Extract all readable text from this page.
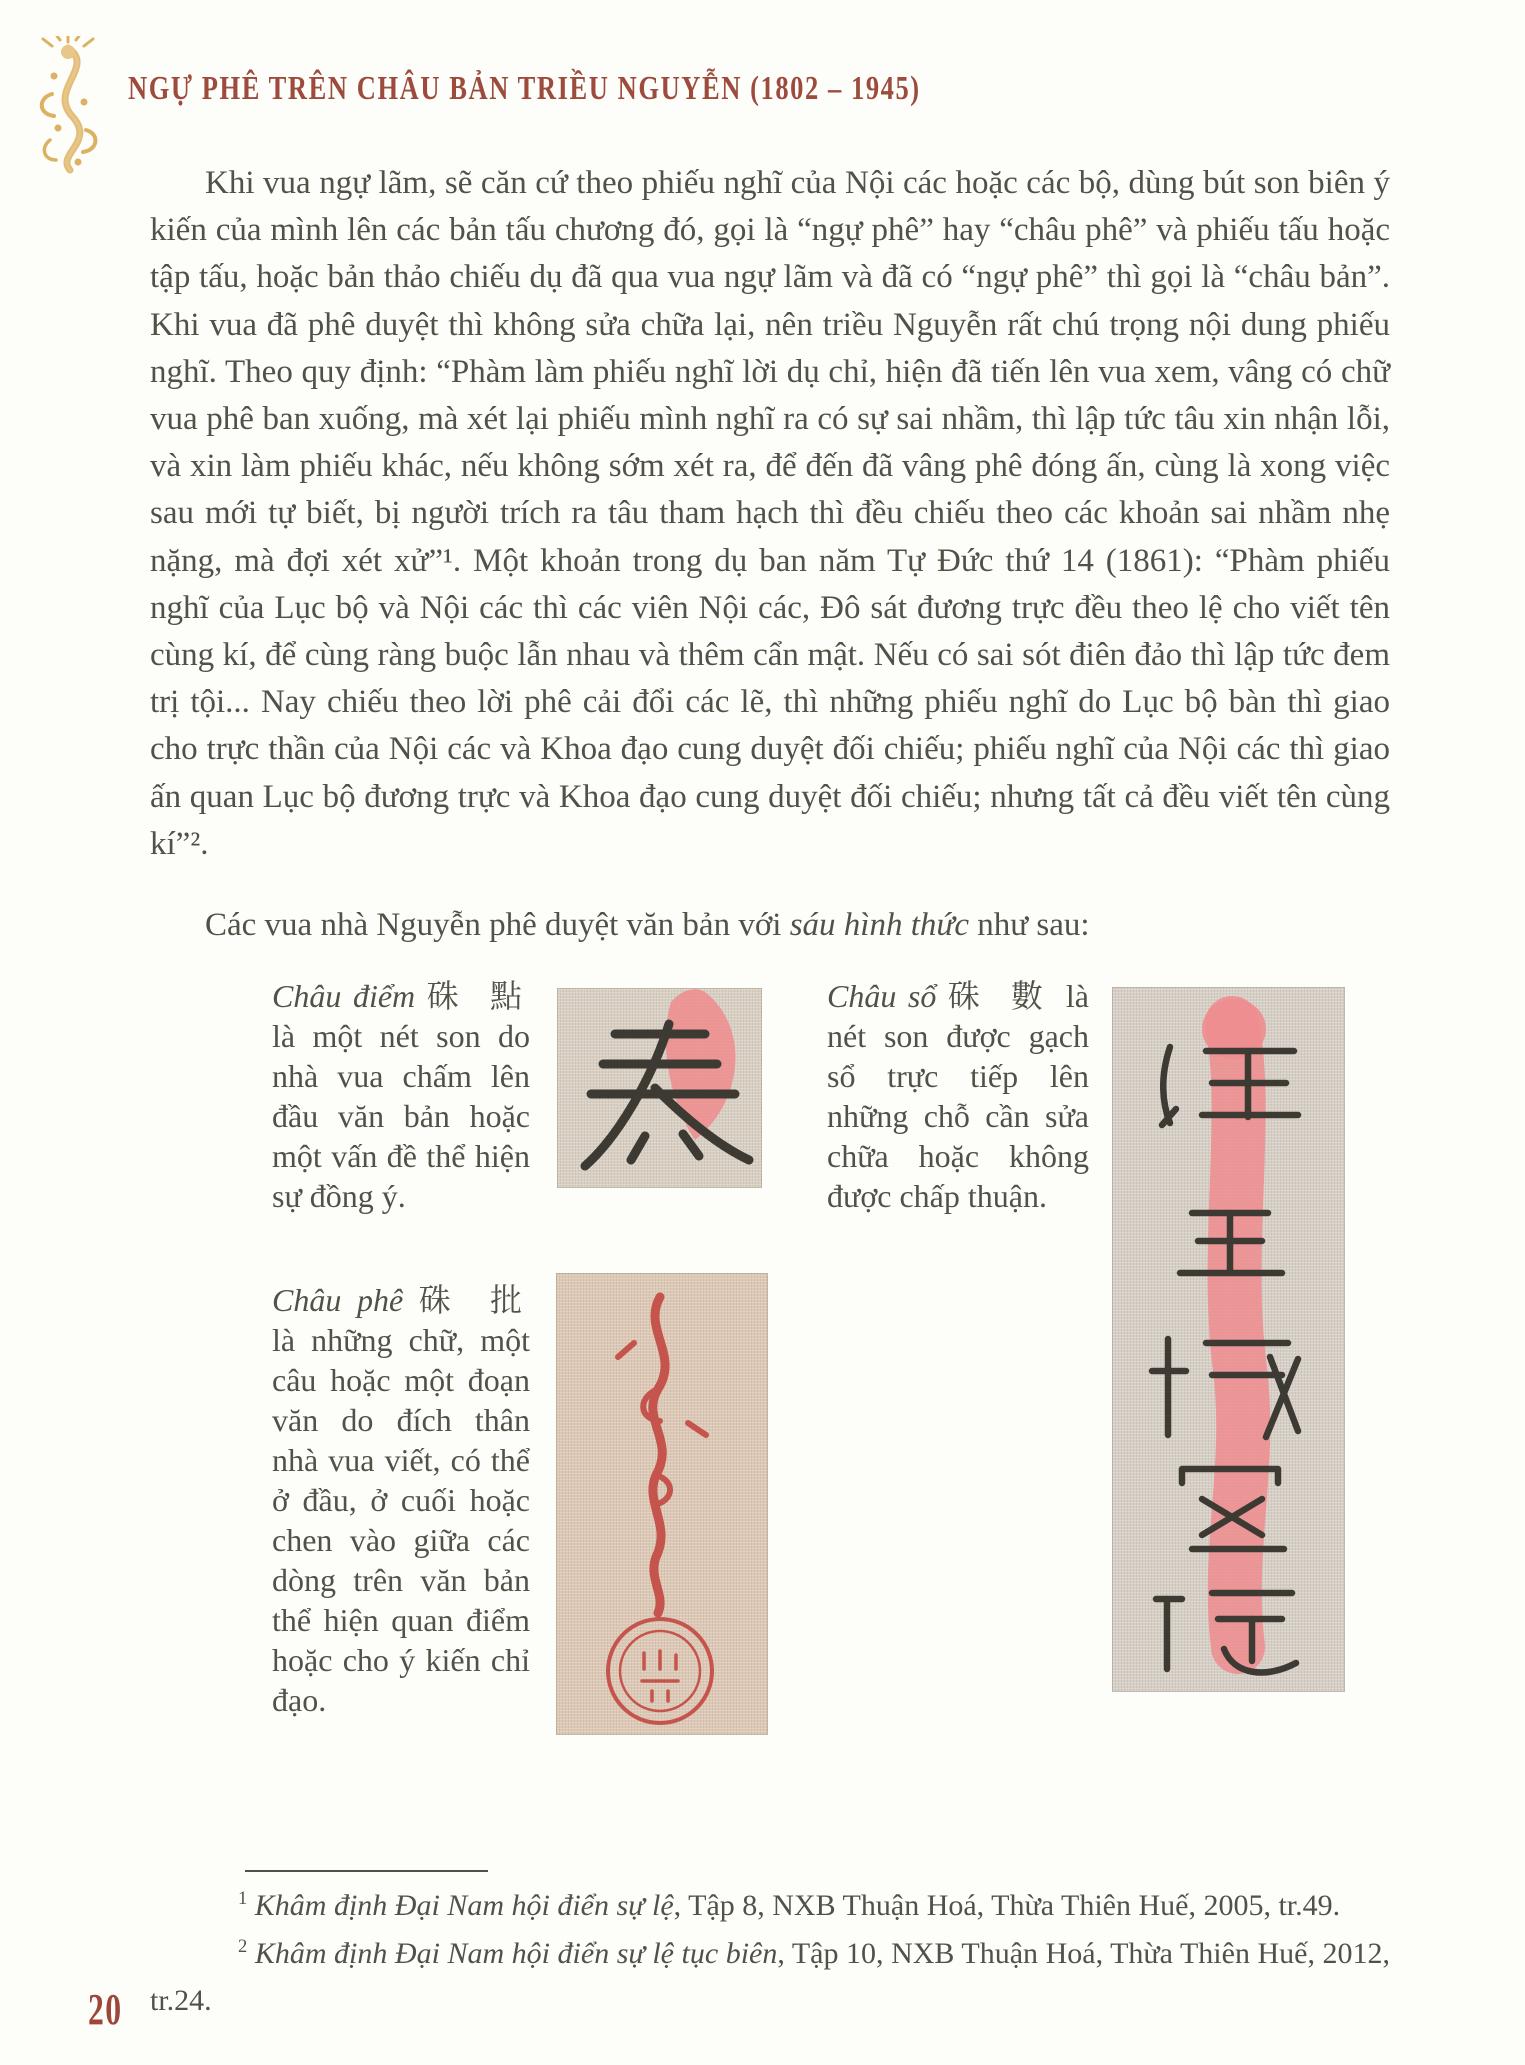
NGỰ PHÊ TRÊN CHÂU BẢN TRIỀU NGUYỄN (1802 – 1945)
Khi vua ngự lãm, sẽ căn cứ theo phiếu nghĩ của Nội các hoặc các bộ, dùng bút son biên ý kiến của mình lên các bản tấu chương đó, gọi là “ngự phê” hay “châu phê” và phiếu tấu hoặc tập tấu, hoặc bản thảo chiếu dụ đã qua vua ngự lãm và đã có “ngự phê” thì gọi là “châu bản”. Khi vua đã phê duyệt thì không sửa chữa lại, nên triều Nguyễn rất chú trọng nội dung phiếu nghĩ. Theo quy định: “Phàm làm phiếu nghĩ lời dụ chỉ, hiện đã tiến lên vua xem, vâng có chữ vua phê ban xuống, mà xét lại phiếu mình nghĩ ra có sự sai nhầm, thì lập tức tâu xin nhận lỗi, và xin làm phiếu khác, nếu không sớm xét ra, để đến đã vâng phê đóng ấn, cùng là xong việc sau mới tự biết, bị người trích ra tâu tham hạch thì đều chiếu theo các khoản sai nhầm nhẹ nặng, mà đợi xét xử”¹. Một khoản trong dụ ban năm Tự Đức thứ 14 (1861): “Phàm phiếu nghĩ của Lục bộ và Nội các thì các viên Nội các, Đô sát đương trực đều theo lệ cho viết tên cùng kí, để cùng ràng buộc lẫn nhau và thêm cẩn mật. Nếu có sai sót điên đảo thì lập tức đem trị tội... Nay chiếu theo lời phê cải đổi các lẽ, thì những phiếu nghĩ do Lục bộ bàn thì giao cho trực thần của Nội các và Khoa đạo cung duyệt đối chiếu; phiếu nghĩ của Nội các thì giao ấn quan Lục bộ đương trực và Khoa đạo cung duyệt đối chiếu; nhưng tất cả đều viết tên cùng kí”².
Các vua nhà Nguyễn phê duyệt văn bản với sáu hình thức như sau:
Châu điểm 硃 點 là một nét son do nhà vua chấm lên đầu văn bản hoặc một vấn đề thể hiện sự đồng ý.
Châu sổ 硃 數 là nét son được gạch sổ trực tiếp lên những chỗ cần sửa chữa hoặc không được chấp thuận.
Châu phê 硃 批 là những chữ, một câu hoặc một đoạn văn do đích thân nhà vua viết, có thể ở đầu, ở cuối hoặc chen vào giữa các dòng trên văn bản thể hiện quan điểm hoặc cho ý kiến chỉ đạo.

$^1$ Khâm định Đại Nam hội điển sự lệ, Tập 8, NXB Thuận Hoá, Thừa Thiên Huế, 2005, tr.49.

$^2$ Khâm định Đại Nam hội điển sự lệ tục biên, Tập 10, NXB Thuận Hoá, Thừa Thiên Huế, 2012, tr.24.

20
